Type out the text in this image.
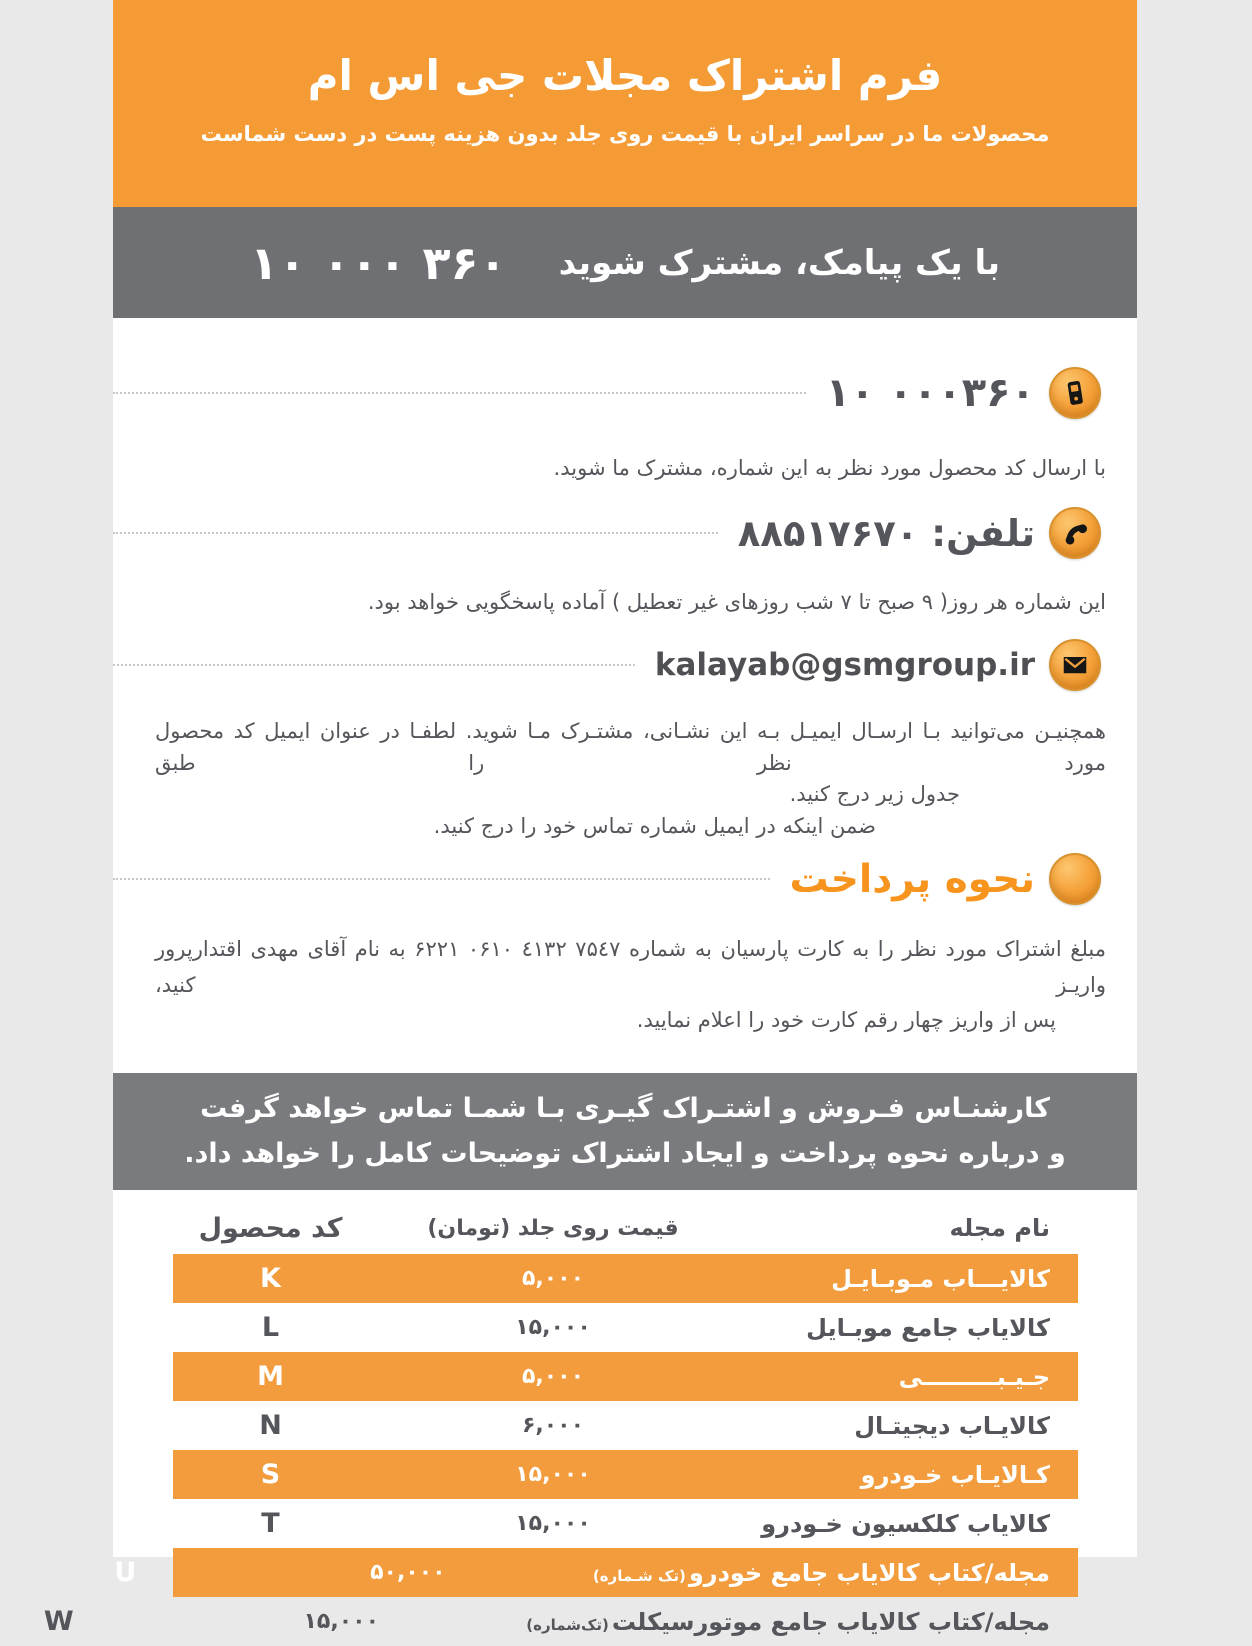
فرم اشتراک مجلات جی اس ام
محصولات ما در سراسر ایران با قیمت روی جلد بدون هزینه پست در دست شماست
با یک پیامک، مشترک شوید
۱۰ ۰۰۰ ۳۶۰
۱۰ ۰۰۰۳۶۰
با ارسال کد محصول مورد نظر به این شماره، مشترک ما شوید.
تلفن: ۸۸۵۱۷۶۷۰
این شماره هر روز( ۹ صبح تا ۷ شب روزهای غیر تعطیل ) آماده پاسخگویی خواهد بود.
kalayab@gsmgroup.ir
همچنیـن می‌توانید بـا ارسـال ایمیـل بـه این نشـانی، مشتـرک مـا شوید. لطفـا در عنوان ایمیل کد محصول مورد نظر را طبق
جدول زیر درج کنید.
ضمن اینکه در ایمیل شماره تماس خود را درج کنید.
نحوه پرداخت
مبلغ اشتراک مورد نظر را به کارت پارسیان به شماره ۶۲۲۱ ۰۶۱۰ ٤۱۳۲ ۷۵٤۷ به نام آقای مهدی اقتدارپرور واریـز کنید،
پس از واریز چهار رقم کارت خود را اعلام نمایید.
کارشنـاس فـروش و اشتـراک گیـری بـا شمـا تماس خواهد گرفت
و درباره نحوه پرداخت و ایجاد اشتراک توضیحات کامل را خواهد داد.
نام مجله
قیمت روی جلد (تومان)
کد محصول
کالایـــاب مـوبـایـل
۵,۰۰۰
K
کالایاب جامع موبـایل
۱۵,۰۰۰
L
جـیـبـــــــــی
۵,۰۰۰
M
کالایـاب دیجیتـال
۶,۰۰۰
N
کـالایـاب خـودرو
۱۵,۰۰۰
S
کالایاب کلکسیون خـودرو
۱۵,۰۰۰
T
مجله/کتاب کالایاب جامع خودرو(تک شـماره)
۵۰,۰۰۰
U
مجله/کتاب کالایاب جامع موتورسیکلت(تک‌شماره)
۱۵,۰۰۰
W
